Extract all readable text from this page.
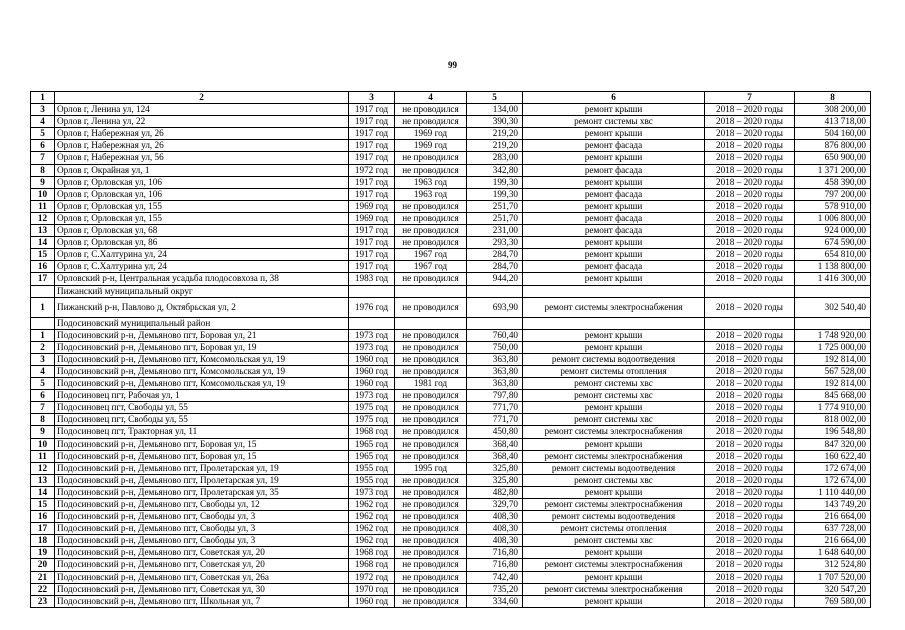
99
1	2	3	4	5	6	7	8
3	Орлов г, Ленина ул, 124	1917 год	не проводился	134,00	ремонт крыши	2018 – 2020 годы	308 200,00
4	Орлов г, Ленина ул, 22	1917 год	не проводился	390,30	ремонт системы хвс	2018 – 2020 годы	413 718,00
5	Орлов г, Набережная ул, 26	1917 год	1969 год	219,20	ремонт крыши	2018 – 2020 годы	504 160,00
6	Орлов г, Набережная ул, 26	1917 год	1969 год	219,20	ремонт фасада	2018 – 2020 годы	876 800,00
7	Орлов г, Набережная ул, 56	1917 год	не проводился	283,00	ремонт крыши	2018 – 2020 годы	650 900,00
8	Орлов г, Окрайная ул, 1	1972 год	не проводился	342,80	ремонт фасада	2018 – 2020 годы	1 371 200,00
9	Орлов г, Орловская ул, 106	1917 год	1963 год	199,30	ремонт крыши	2018 – 2020 годы	458 390,00
10	Орлов г, Орловская ул, 106	1917 год	1963 год	199,30	ремонт фасада	2018 – 2020 годы	797 200,00
11	Орлов г, Орловская ул, 155	1969 год	не проводился	251,70	ремонт крыши	2018 – 2020 годы	578 910,00
12	Орлов г, Орловская ул, 155	1969 год	не проводился	251,70	ремонт фасада	2018 – 2020 годы	1 006 800,00
13	Орлов г, Орловская ул, 68	1917 год	не проводился	231,00	ремонт фасада	2018 – 2020 годы	924 000,00
14	Орлов г, Орловская ул, 86	1917 год	не проводился	293,30	ремонт крыши	2018 – 2020 годы	674 590,00
15	Орлов г, С.Халтурина ул, 24	1917 год	1967 год	284,70	ремонт крыши	2018 – 2020 годы	654 810,00
16	Орлов г, С.Халтурина ул, 24	1917 год	1967 год	284,70	ремонт фасада	2018 – 2020 годы	1 138 800,00
17	Орловский р-н, Центральная усадьба плодосовхоза п, 38	1983 год	не проводился	944,20	ремонт крыши	2018 – 2020 годы	1 416 300,00
	Пижанский муниципальный округ						
1	Пижанский р-н, Павлово д, Октябрьская ул, 2	1976 год	не проводился	693,90	ремонт системы электроснабжения	2018 – 2020 годы	302 540,40
	Подосиновский муниципальный район						
1	Подосиновский р-н, Демьяново пгт, Боровая ул, 21	1973 год	не проводился	760,40	ремонт крыши	2018 – 2020 годы	1 748 920,00
2	Подосиновский р-н, Демьяново пгт, Боровая ул, 19	1973 год	не проводился	750,00	ремонт крыши	2018 – 2020 годы	1 725 000,00
3	Подосиновский р-н, Демьяново пгт, Комсомольская ул, 19	1960 год	не проводился	363,80	ремонт системы водоотведения	2018 – 2020 годы	192 814,00
4	Подосиновский р-н, Демьяново пгт, Комсомольская ул, 19	1960 год	не проводился	363,80	ремонт системы отопления	2018 – 2020 годы	567 528,00
5	Подосиновский р-н, Демьяново пгт, Комсомольская ул, 19	1960 год	1981 год	363,80	ремонт системы хвс	2018 – 2020 годы	192 814,00
6	Подосиновец пгт, Рабочая ул, 1	1973 год	не проводился	797,80	ремонт системы хвс	2018 – 2020 годы	845 668,00
7	Подосиновец пгт, Свободы ул, 55	1975 год	не проводился	771,70	ремонт крыши	2018 – 2020 годы	1 774 910,00
8	Подосиновец пгт, Свободы ул, 55	1975 год	не проводился	771,70	ремонт системы хвс	2018 – 2020 годы	818 002,00
9	Подосиновец пгт, Тракторная ул, 11	1968 год	не проводился	450,80	ремонт системы электроснабжения	2018 – 2020 годы	196 548,80
10	Подосиновский р-н, Демьяново пгт, Боровая ул, 15	1965 год	не проводился	368,40	ремонт крыши	2018 – 2020 годы	847 320,00
11	Подосиновский р-н, Демьяново пгт, Боровая ул, 15	1965 год	не проводился	368,40	ремонт системы электроснабжения	2018 – 2020 годы	160 622,40
12	Подосиновский р-н, Демьяново пгт, Пролетарская ул, 19	1955 год	1995 год	325,80	ремонт системы водоотведения	2018 – 2020 годы	172 674,00
13	Подосиновский р-н, Демьяново пгт, Пролетарская ул, 19	1955 год	не проводился	325,80	ремонт системы хвс	2018 – 2020 годы	172 674,00
14	Подосиновский р-н, Демьяново пгт, Пролетарская ул, 35	1973 год	не проводился	482,80	ремонт крыши	2018 – 2020 годы	1 110 440,00
15	Подосиновский р-н, Демьяново пгт, Свободы ул, 12	1962 год	не проводился	329,70	ремонт системы электроснабжения	2018 – 2020 годы	143 749,20
16	Подосиновский р-н, Демьяново пгт, Свободы ул, 3	1962 год	не проводился	408,30	ремонт системы водоотведения	2018 – 2020 годы	216 664,00
17	Подосиновский р-н, Демьяново пгт, Свободы ул, 3	1962 год	не проводился	408,30	ремонт системы отопления	2018 – 2020 годы	637 728,00
18	Подосиновский р-н, Демьяново пгт, Свободы ул, 3	1962 год	не проводился	408,30	ремонт системы хвс	2018 – 2020 годы	216 664,00
19	Подосиновский р-н, Демьяново пгт, Советская ул, 20	1968 год	не проводился	716,80	ремонт крыши	2018 – 2020 годы	1 648 640,00
20	Подосиновский р-н, Демьяново пгт, Советская ул, 20	1968 год	не проводился	716,80	ремонт системы электроснабжения	2018 – 2020 годы	312 524,80
21	Подосиновский р-н, Демьяново пгт, Советская ул, 26а	1972 год	не проводился	742,40	ремонт крыши	2018 – 2020 годы	1 707 520,00
22	Подосиновский р-н, Демьяново пгт, Советская ул, 30	1970 год	не проводился	735,20	ремонт системы электроснабжения	2018 – 2020 годы	320 547,20
23	Подосиновский р-н, Демьяново пгт, Школьная ул, 7	1960 год	не проводился	334,60	ремонт крыши	2018 – 2020 годы	769 580,00
